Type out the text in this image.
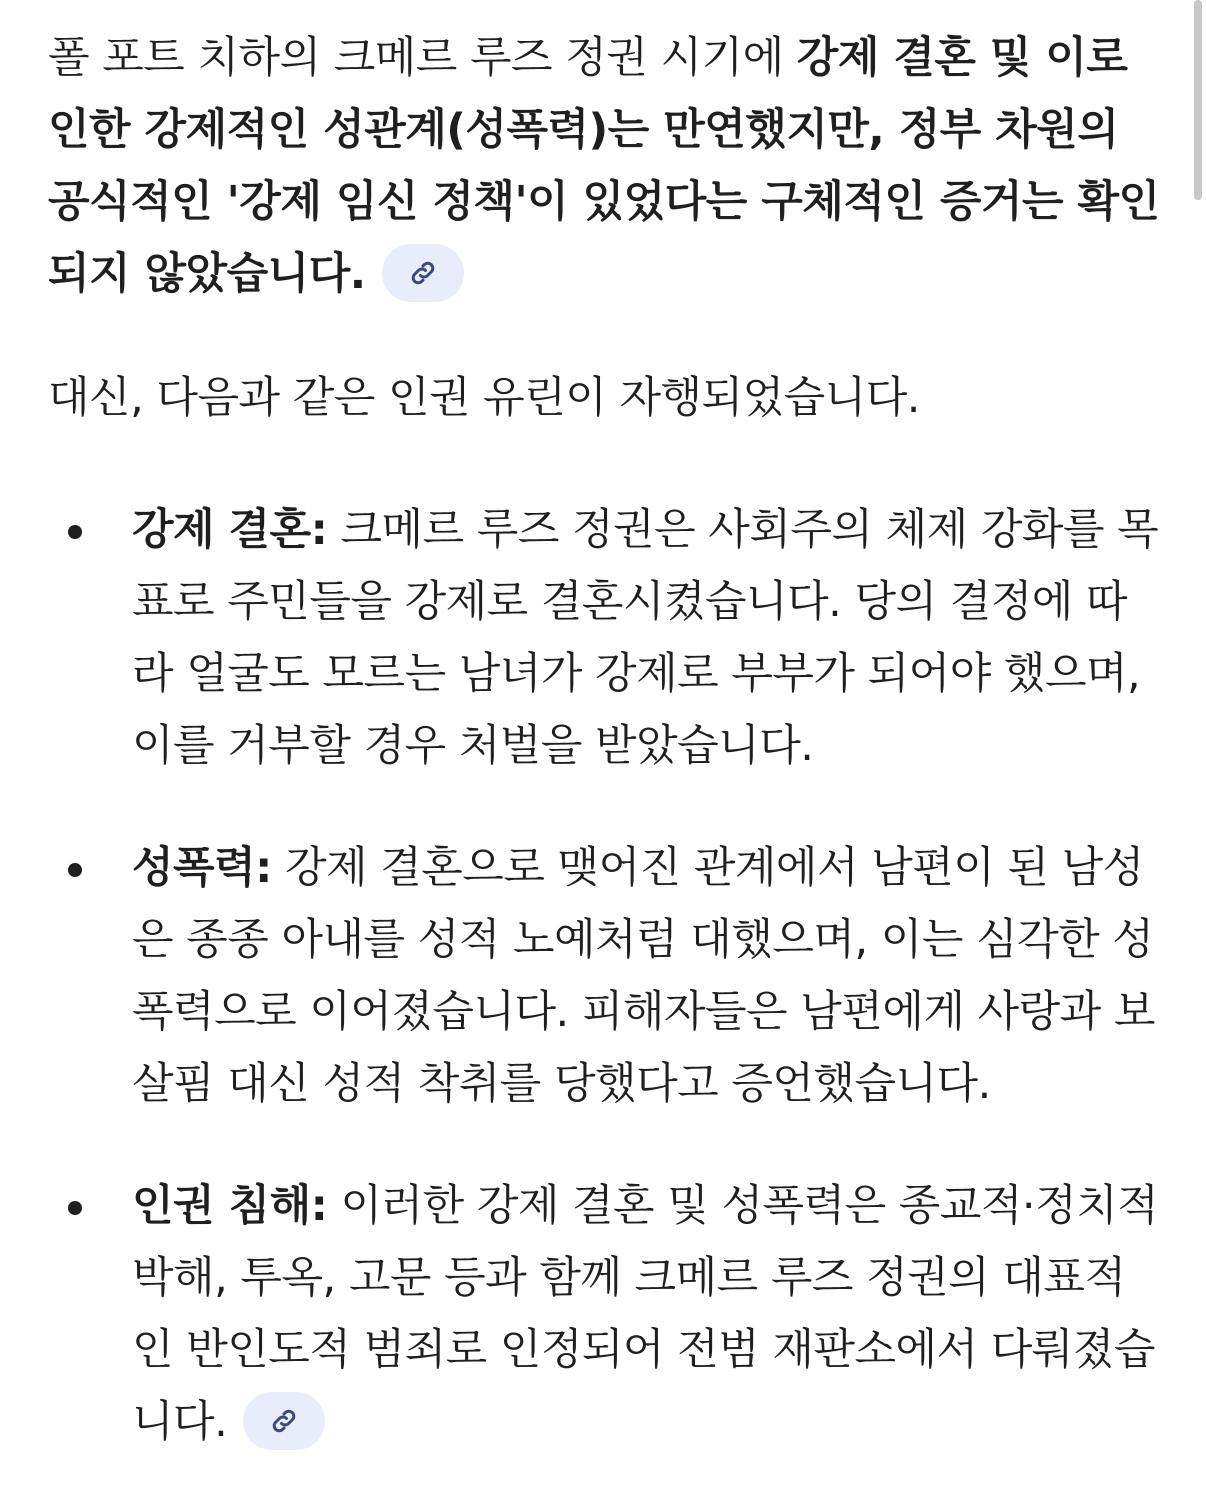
폴 포트 치하의 크메르 루즈 정권 시기에 강제 결혼 및 이로 인한 강제적인 성관계(성폭력)는 만연했지만, 정부 차원의 공식적인 '강제 임신 정책'이 있었다는 구체적인 증거는 확인되지 않았습니다.

대신, 다음과 같은 인권 유린이 자행되었습니다.

강제 결혼: 크메르 루즈 정권은 사회주의 체제 강화를 목표로 주민들을 강제로 결혼시켰습니다. 당의 결정에 따라 얼굴도 모르는 남녀가 강제로 부부가 되어야 했으며, 이를 거부할 경우 처벌을 받았습니다.
성폭력: 강제 결혼으로 맺어진 관계에서 남편이 된 남성은 종종 아내를 성적 노예처럼 대했으며, 이는 심각한 성폭력으로 이어졌습니다. 피해자들은 남편에게 사랑과 보살핌 대신 성적 착취를 당했다고 증언했습니다.
인권 침해: 이러한 강제 결혼 및 성폭력은 종교적·정치적 박해, 투옥, 고문 등과 함께 크메르 루즈 정권의 대표적인 반인도적 범죄로 인정되어 전범 재판소에서 다뤄졌습니다.
